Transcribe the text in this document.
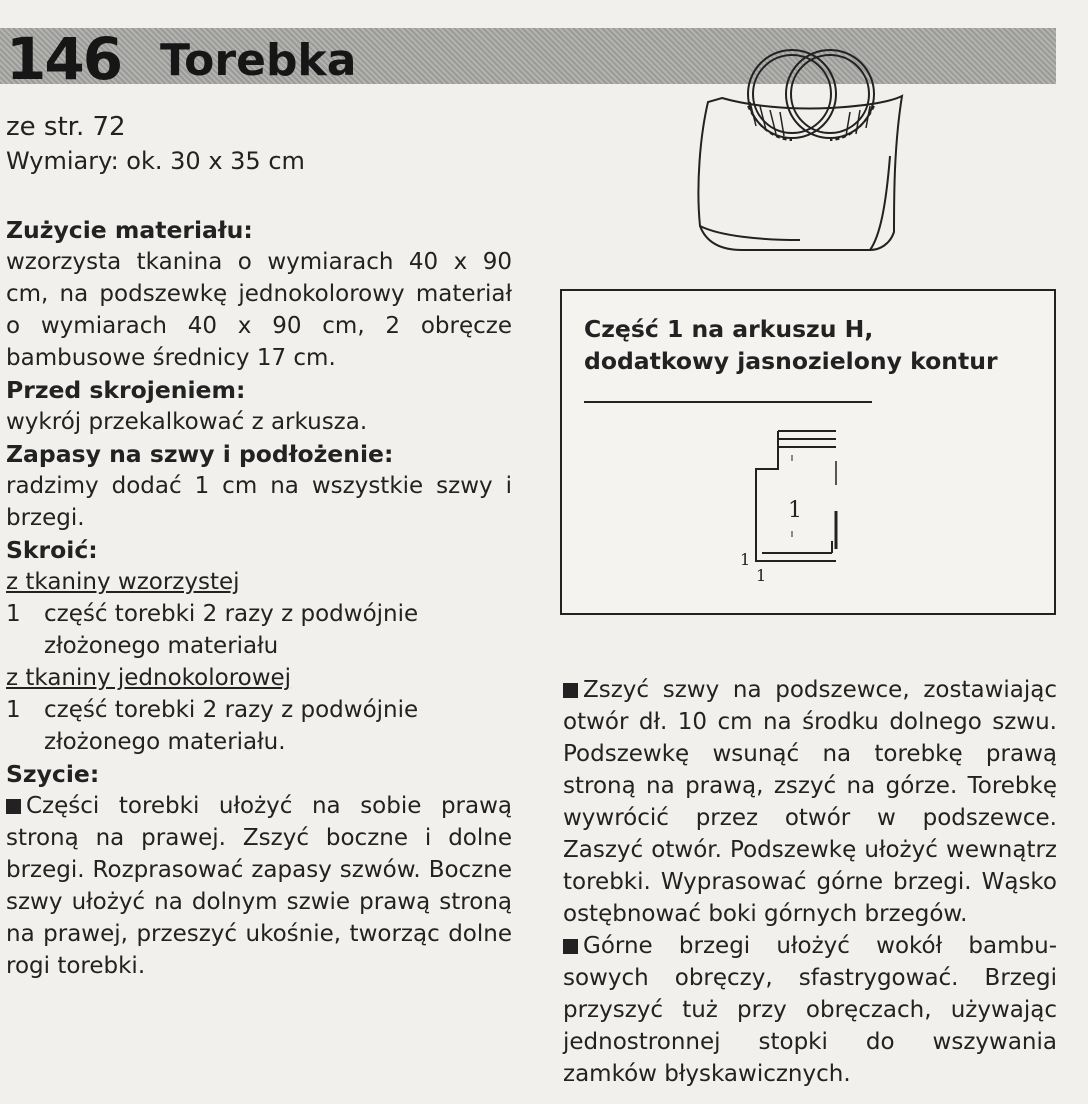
146 Torebka

ze str. 72

Wymiary: ok. 30 x 35 cm

Zużycie materiału:

wzorzysta tkanina o wymiarach 40 x 90 cm, na podszewkę jednokolorowy materiał o wymiarach 40 x 90 cm, 2 obręcze bambusowe średnicy 17 cm.

Przed skrojeniem:

wykrój przekalkować z arkusza.

Zapasy na szwy i podłożenie:

radzimy dodać 1 cm na wszystkie szwy i brzegi.

Skroić:

z tkaniny wzorzystej

1 część torebki 2 razy z podwójnie złożonego materiału

z tkaniny jednokolorowej

1 część torebki 2 razy z podwójnie złożonego materiału.

Szycie:

Części torebki ułożyć na sobie prawą stroną na prawej. Zszyć boczne i dolne brzegi. Rozprasować zapasy szwów. Boczne szwy ułożyć na dolnym szwie prawą stroną na prawej, przeszyć ukośnie, tworząc dolne rogi torebki.

Część 1 na arkuszu H,
dodatkowy jasnozielony kontur
1
1
1

Zszyć szwy na podszewce, zostawiając otwór dł. 10 cm na środku dolnego szwu. Podszewkę wsunąć na torebkę prawą stroną na prawą, zszyć na górze. Torebkę wywrócić przez otwór w podszewce. Zaszyć otwór. Podszewkę ułożyć wewnątrz torebki. Wyprasować górne brzegi. Wąsko ostębnować boki górnych brzegów.

Górne brzegi ułożyć wokół bambusowych obręczy, sfastrygować. Brzegi przyszyć tuż przy obręczach, używając jednostronnej stopki do wszywania zamków błyskawicznych.
